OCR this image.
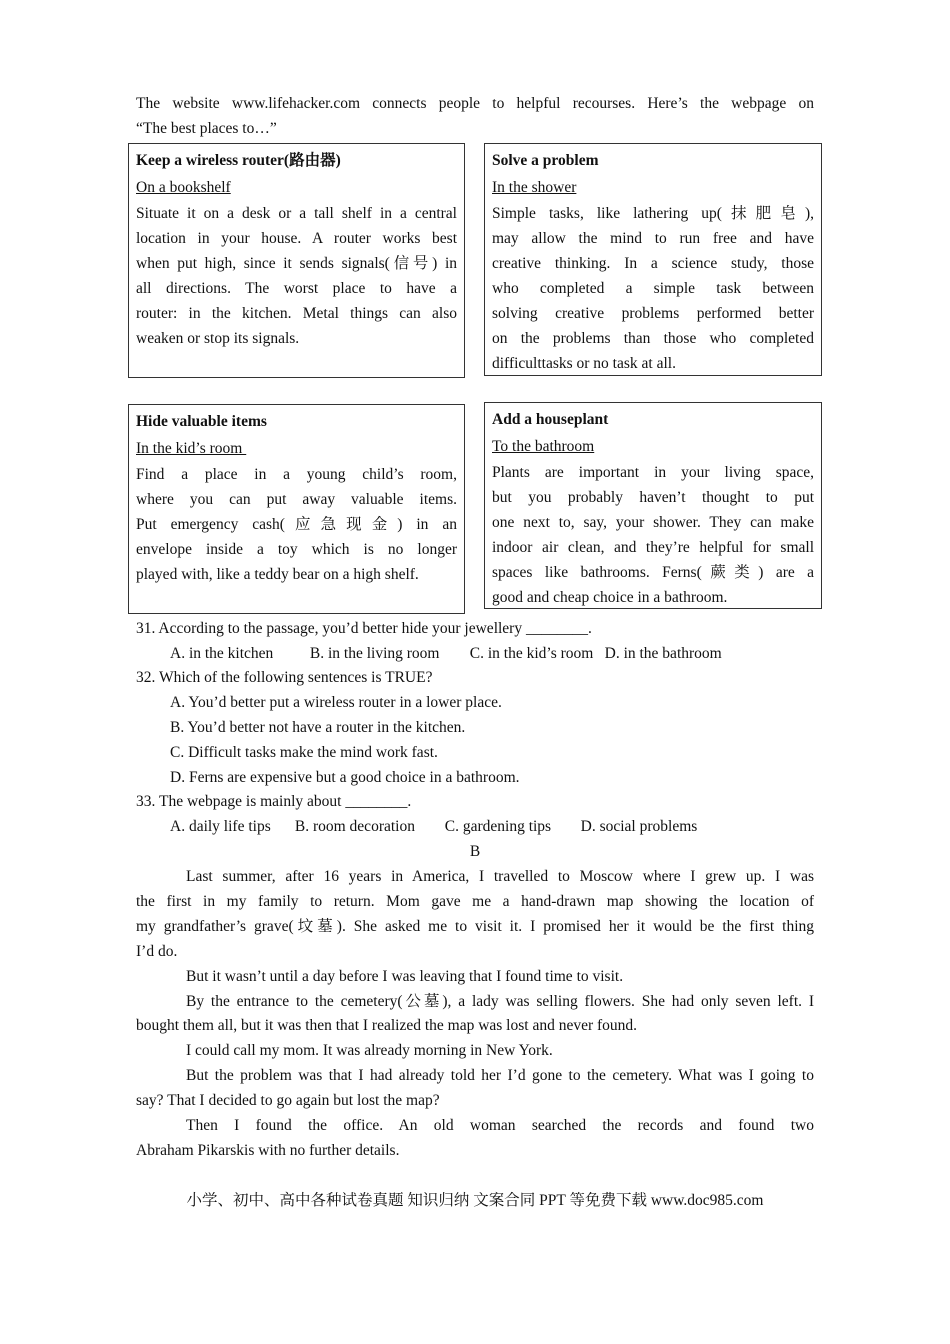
The website www.lifehacker.com connects people to helpful recourses. Here’s the webpage on
“The best places to…”
Keep a wireless router(路由器)
On a bookshelf
Situate it on a desk or a tall shelf in a central
location in your house. A router works best
when put high, since it sends signals(信号) in
all directions. The worst place to have a
router: in the kitchen. Metal things can also
weaken or stop its signals.
Solve a problem
In the shower
Simple tasks, like lathering up(抹肥皂),
may allow the mind to run free and have
creative thinking. In a science study, those
who completed a simple task between
solving creative problems performed better
on the problems than those who completed
difficulttasks or no task at all.
Hide valuable items
In the kid’s room
Find a place in a young child’s room,
where you can put away valuable items.
Put emergency cash(应急现金) in an
envelope inside a toy which is no longer
played with, like a teddy bear on a high shelf.
Add a houseplant
To the bathroom
Plants are important in your living space,
but you probably haven’t thought to put
one next to, say, your shower. They can make
indoor air clean, and they’re helpful for small
spaces like bathrooms. Ferns(蕨类) are a
good and cheap choice in a bathroom.
31. According to the passage, you’d better hide your jewellery ________.
A. in the kitchen B. in the living room C. in the kid’s room D. in the bathroom
32. Which of the following sentences is TRUE?
A. You’d better put a wireless router in a lower place.
B. You’d better not have a router in the kitchen.
C. Difficult tasks make the mind work fast.
D. Ferns are expensive but a good choice in a bathroom.
33. The webpage is mainly about ________.
A. daily life tips B. room decoration C. gardening tips D. social problems
B
Last summer, after 16 years in America, I travelled to Moscow where I grew up. I was
the first in my family to return. Mom gave me a hand-drawn map showing the location of
my grandfather’s grave(坟墓). She asked me to visit it. I promised her it would be the first thing
I’d do.
But it wasn’t until a day before I was leaving that I found time to visit.
By the entrance to the cemetery(公墓), a lady was selling flowers. She had only seven left. I
bought them all, but it was then that I realized the map was lost and never found.
I could call my mom. It was already morning in New York.
But the problem was that I had already told her I’d gone to the cemetery. What was I going to
say? That I decided to go again but lost the map?
Then I found the office. An old woman searched the records and found two
Abraham Pikarskis with no further details.
小学、初中、高中各种试卷真题 知识归纳 文案合同 PPT 等免费下载 www.doc985.com
